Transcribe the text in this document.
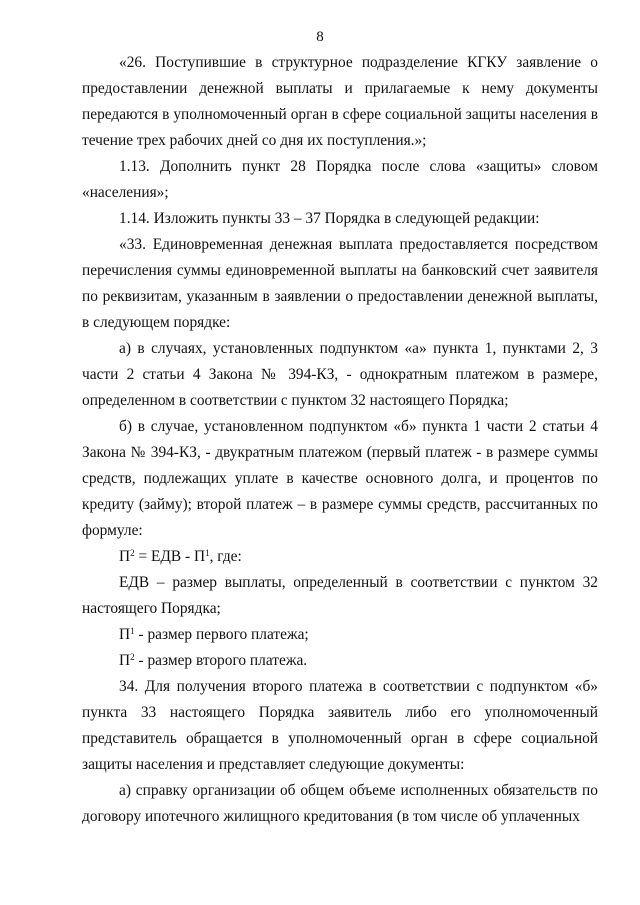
8

«26. Поступившие в структурное подразделение КГКУ заявление о предоставлении денежной выплаты и прилагаемые к нему документы передаются в уполномоченный орган в сфере социальной защиты населения в течение трех рабочих дней со дня их поступления.»;

1.13. Дополнить пункт 28 Порядка после слова «защиты» словом «населения»;

1.14. Изложить пункты 33 – 37 Порядка в следующей редакции:

«33. Единовременная денежная выплата предоставляется посредством перечисления суммы единовременной выплаты на банковский счет заявителя по реквизитам, указанным в заявлении о предоставлении денежной выплаты, в следующем порядке:

а) в случаях, установленных подпунктом «а» пункта 1, пунктами 2, 3 части 2 статьи 4 Закона № 394-КЗ, - однократным платежом в размере, определенном в соответствии с пунктом 32 настоящего Порядка;

б) в случае, установленном подпунктом «б» пункта 1 части 2 статьи 4 Закона № 394-КЗ, - двукратным платежом (первый платеж - в размере суммы средств, подлежащих уплате в качестве основного долга, и процентов по кредиту (займу); второй платеж – в размере суммы средств, рассчитанных по формуле:

$П^2$ = ЕДВ - $П^1$, где:

ЕДВ – размер выплаты, определенный в соответствии с пунктом 32 настоящего Порядка;

$П^1$ - размер первого платежа;

$П^2$ - размер второго платежа.

34. Для получения второго платежа в соответствии с подпунктом «б» пункта 33 настоящего Порядка заявитель либо его уполномоченный представитель обращается в уполномоченный орган в сфере социальной защиты населения и представляет следующие документы:

а) справку организации об общем объеме исполненных обязательств по договору ипотечного жилищного кредитования (в том числе об уплаченных
